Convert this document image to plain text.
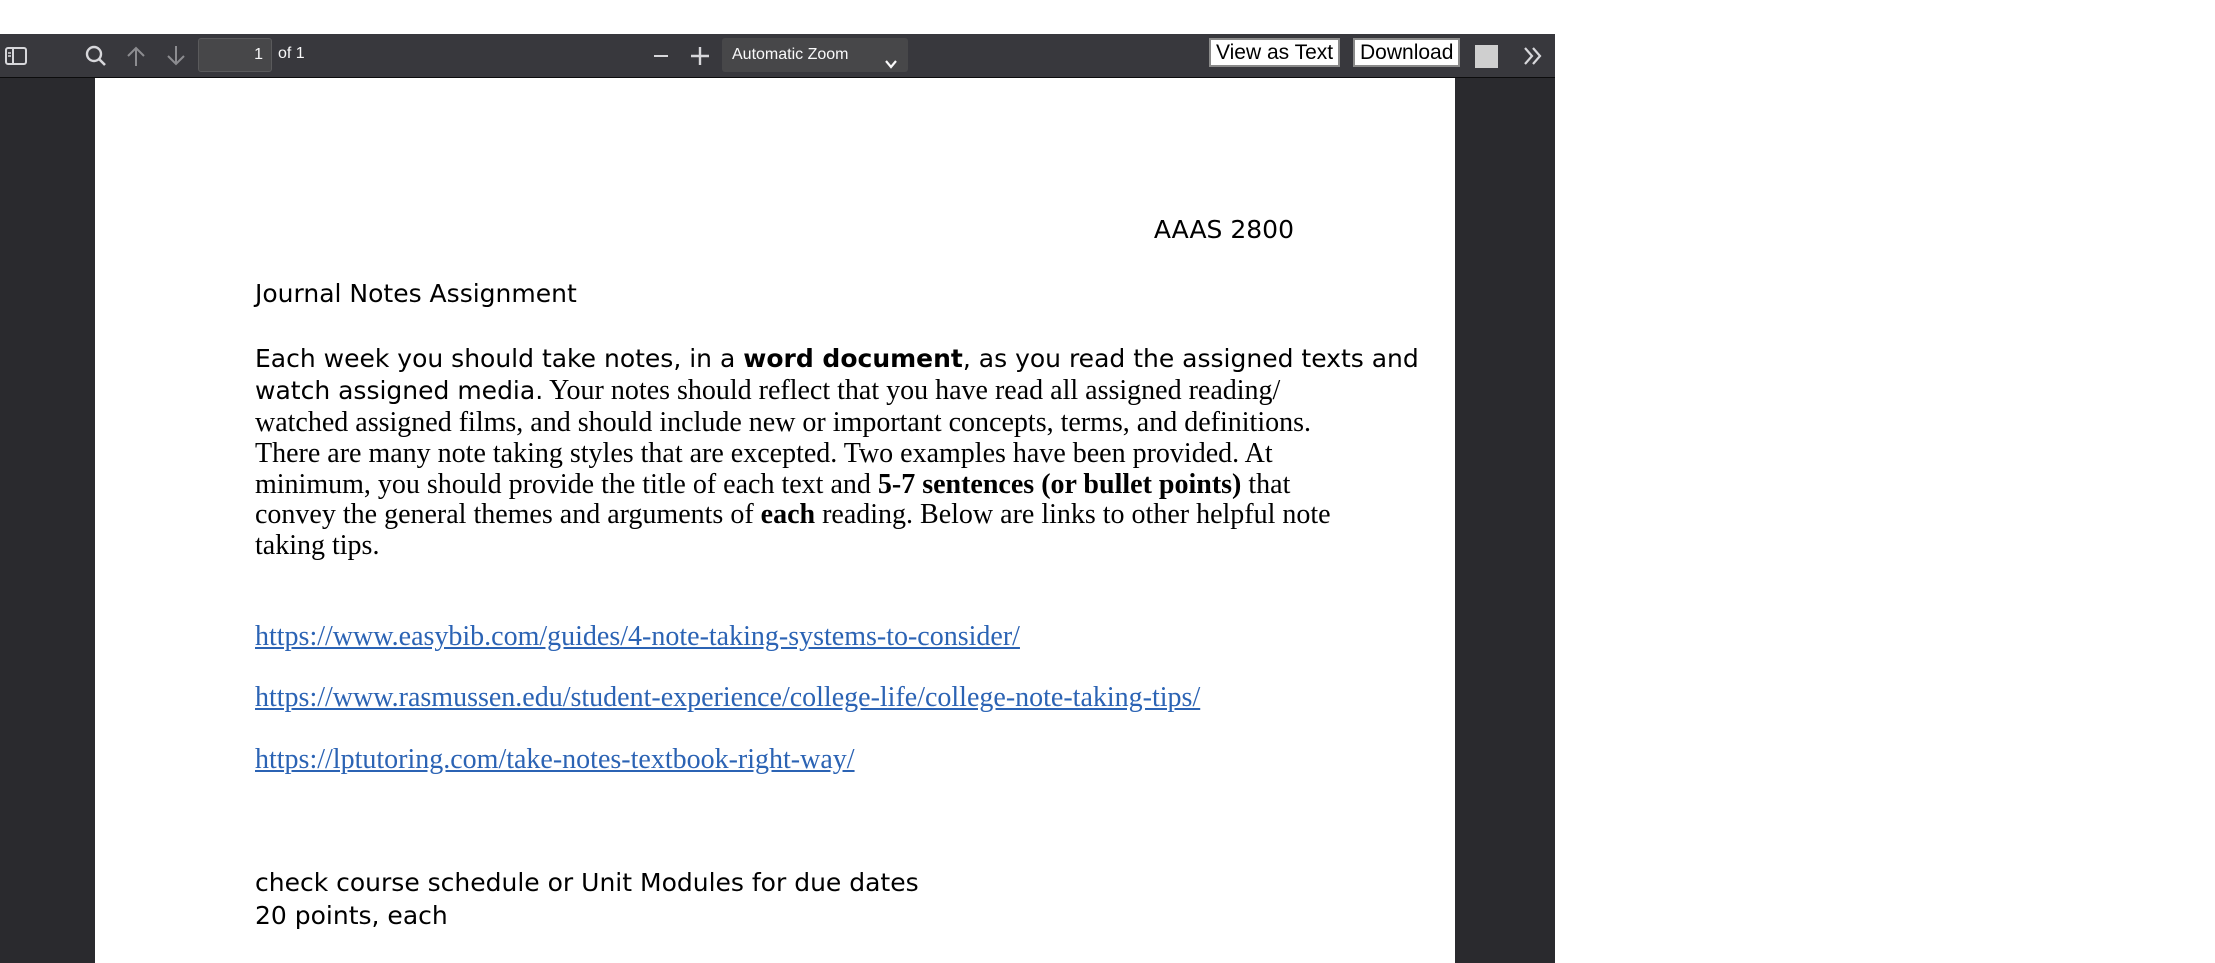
1 of 1	Automatic Zoom	View as Text	Download
AAAS 2800
Journal Notes Assignment
Each week you should take notes, in a word document, as you read the assigned texts and
watch assigned media. Your notes should reflect that you have read all assigned reading/
watched assigned films, and should include new or important concepts, terms, and definitions.
There are many note taking styles that are excepted. Two examples have been provided. At
minimum, you should provide the title of each text and 5-7 sentences (or bullet points) that
convey the general themes and arguments of each reading. Below are links to other helpful note
taking tips.
https://www.easybib.com/guides/4-note-taking-systems-to-consider/
https://www.rasmussen.edu/student-experience/college-life/college-note-taking-tips/
https://lptutoring.com/take-notes-textbook-right-way/
check course schedule or Unit Modules for due dates
20 points, each
